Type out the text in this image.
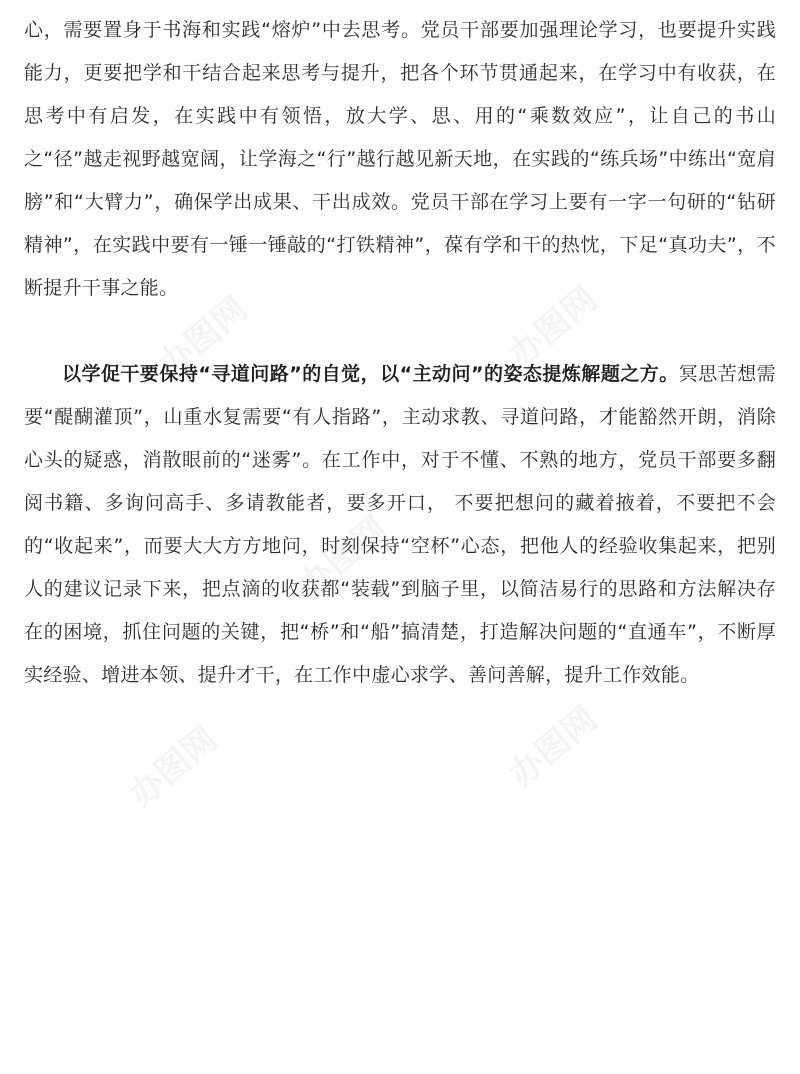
心，需要置身于书海和实践“熔炉”中去思考。党员干部要加强理论学习，也要提升实践能力，更要把学和干结合起来思考与提升，把各个环节贯通起来，在学习中有收获，在思考中有启发，在实践中有领悟，放大学、思、用的“乘数效应”，让自己的书山之“径”越走视野越宽阔，让学海之“行”越行越见新天地，在实践的“练兵场”中练出“宽肩膀”和“大臂力”，确保学出成果、干出成效。党员干部在学习上要有一字一句研的“钻研精神”，在实践中要有一锤一锤敲的“打铁精神”，葆有学和干的热忱，下足“真功夫”，不断提升干事之能。

以学促干要保持“寻道问路”的自觉，以“主动问”的姿态提炼解题之方。冥思苦想需要“醍醐灌顶”，山重水复需要“有人指路”，主动求教、寻道问路，才能豁然开朗，消除心头的疑惑，消散眼前的“迷雾”。在工作中，对于不懂、不熟的地方，党员干部要多翻阅书籍、多询问高手、多请教能者，要多开口， 不要把想问的藏着掖着，不要把不会的“收起来”，而要大大方方地问，时刻保持“空杯”心态，把他人的经验收集起来，把别人的建议记录下来，把点滴的收获都“装载”到脑子里，以简洁易行的思路和方法解决存在的困境，抓住问题的关键，把“桥”和“船”搞清楚，打造解决问题的“直通车”，不断厚实经验、增进本领、提升才干，在工作中虚心求学、善问善解，提升工作效能。

办图网	办图网
办图网
办图网	办图网
